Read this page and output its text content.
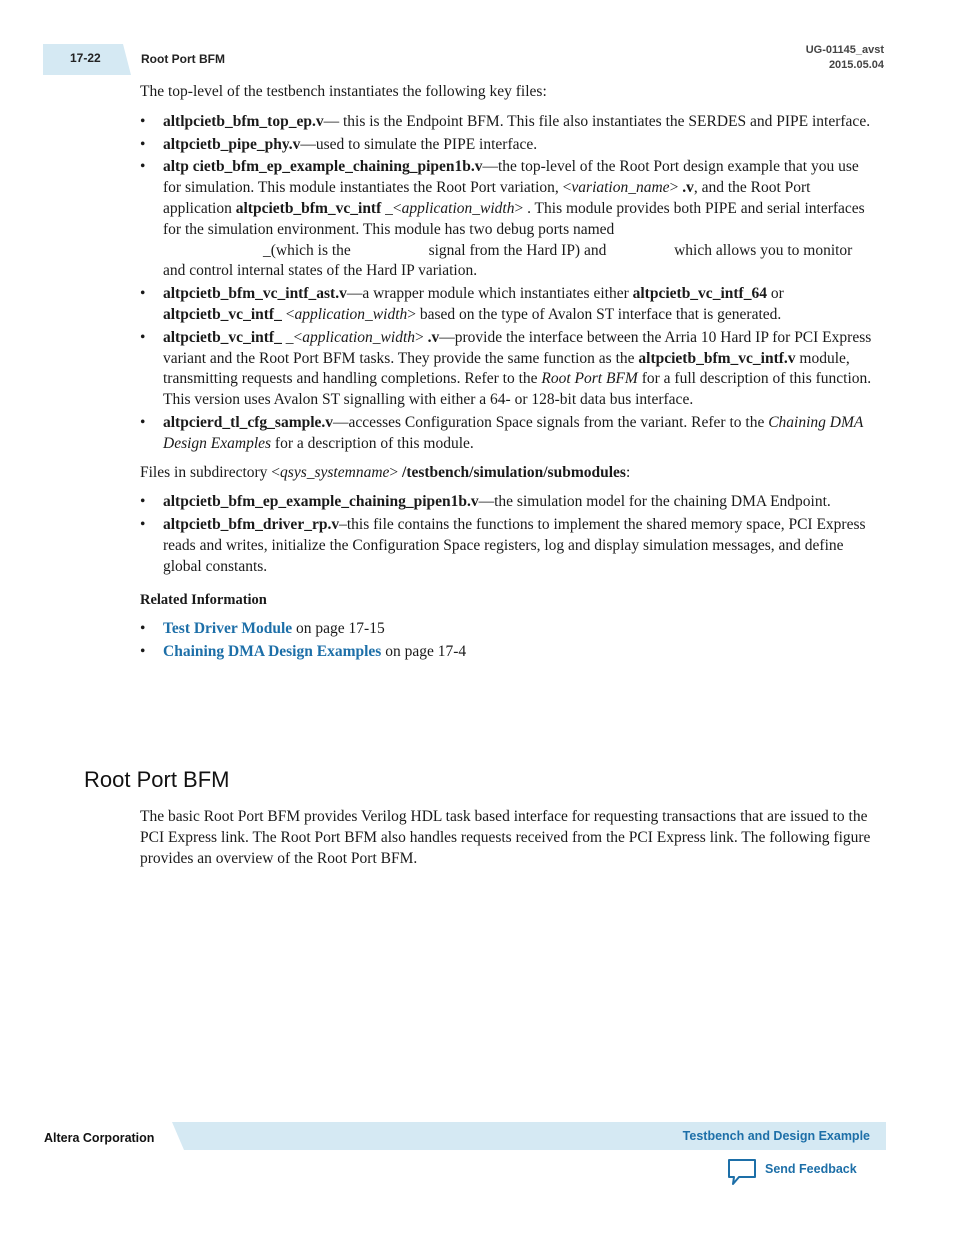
17-22	Root Port BFM
UG-01145_avst
2015.05.04

The top-level of the testbench instantiates the following key files:

• altlpcietb_bfm_top_ep.v— this is the Endpoint BFM. This file also instantiates the SERDES and PIPE interface.
• altpcietb_pipe_phy.v—used to simulate the PIPE interface.
• altp cietb_bfm_ep_example_chaining_pipen1b.v—the top-level of the Root Port design example that you use for simulation. This module instantiates the Root Port variation, <variation_name> .v, and the Root Port application altpcietb_bfm_vc_intf _<application_width> . This module provides both PIPE and serial interfaces for the simulation environment. This module has two debug ports named
_(which is the	signal from the Hard IP) and	which allows you to monitor and control internal states of the Hard IP variation.
• altpcietb_bfm_vc_intf_ast.v—a wrapper module which instantiates either altpcietb_vc_intf_64 or altpcietb_vc_intf_ <application_width> based on the type of Avalon ST interface that is generated.
• altpcietb_vc_intf_ _<application_width> .v—provide the interface between the Arria 10 Hard IP for PCI Express variant and the Root Port BFM tasks. They provide the same function as the altpcietb_bfm_vc_intf.v module, transmitting requests and handling completions. Refer to the Root Port BFM for a full description of this function. This version uses Avalon ST signalling with either a 64- or 128-bit data bus interface.
• altpcierd_tl_cfg_sample.v—accesses Configuration Space signals from the variant. Refer to the Chaining DMA Design Examples for a description of this module.

Files in subdirectory <qsys_systemname> /testbench/simulation/submodules:

• altpcietb_bfm_ep_example_chaining_pipen1b.v—the simulation model for the chaining DMA Endpoint.
• altpcietb_bfm_driver_rp.v–this file contains the functions to implement the shared memory space, PCI Express reads and writes, initialize the Configuration Space registers, log and display simulation messages, and define global constants.

Related Information

• Test Driver Module on page 17-15
• Chaining DMA Design Examples on page 17-4
Root Port BFM

The basic Root Port BFM provides Verilog HDL task based interface for requesting transactions that are issued to the PCI Express link. The Root Port BFM also handles requests received from the PCI Express link. The following figure provides an overview of the Root Port BFM.

Altera Corporation	Testbench and Design Example
Send Feedback
